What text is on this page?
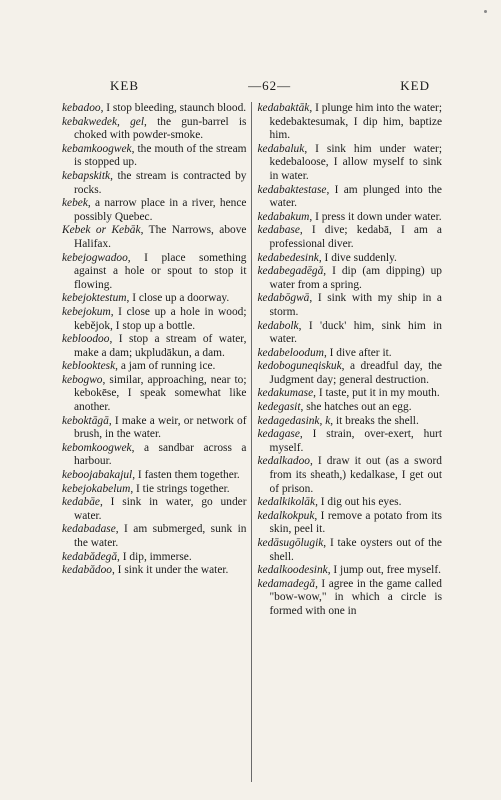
KEB	—62—	KED

kebadoo, I stop bleeding, staunch blood.

kebakwedek, gel, the gun-barrel is choked with powder-smoke.

kebamkoogwek, the mouth of the stream is stopped up.

kebapskitk, the stream is contracted by rocks.

kebek, a narrow place in a river, hence possibly Quebec.

Kebek or Kebāk, The Narrows, above Halifax.

kebejogwadoo, I place something against a hole or spout to stop it flowing.

kebejoktestum, I close up a doorway.

kebejokum, I close up a hole in wood; kebějok, I stop up a bottle.

kebloodoo, I stop a stream of water, make a dam; ukpludākun, a dam.

keblooktesk, a jam of running ice.

kebogwo, similar, approaching, near to; kebokēse, I speak somewhat like another.

keboktāgā, I make a weir, or network of brush, in the water.

kebomkoogwek, a sandbar across a harbour.

keboojabakajul, I fasten them together.

kebejokabelum, I tie strings together.

kedabāe, I sink in water, go under water.

kedabadase, I am submerged, sunk in the water.

kedabădegă, I dip, immerse.

kedabădoo, I sink it under the water.

kedabaktāk, I plunge him into the water; kedebaktesumak, I dip him, baptize him.

kedabaluk, I sink him under water; kedebaloose, I allow myself to sink in water.

kedabaktestase, I am plunged into the water.

kedabakum, I press it down under water.

kedabase, I dive; kedabā, I am a professional diver.

kedabedesink, I dive suddenly.

kedabegadēgă, I dip (am dipping) up water from a spring.

kedabōgwā, I sink with my ship in a storm.

kedabolk, I 'duck' him, sink him in water.

kedabeloodum, I dive after it.

kedoboguneqiskuk, a dreadful day, the Judgment day; general destruction.

kedakumase, I taste, put it in my mouth.

kedegasit, she hatches out an egg.

kedagedasink, k, it breaks the shell.

kedagase, I strain, over-exert, hurt myself.

kedalkadoo, I draw it out (as a sword from its sheath,) kedalkase, I get out of prison.

kedalkikolāk, I dig out his eyes.

kedalkokpuk, I remove a potato from its skin, peel it.

kedāsugōlugik, I take oysters out of the shell.

kedalkoodesink, I jump out, free myself.

kedamadegă, I agree in the game called "bow-wow," in which a circle is formed with one in
